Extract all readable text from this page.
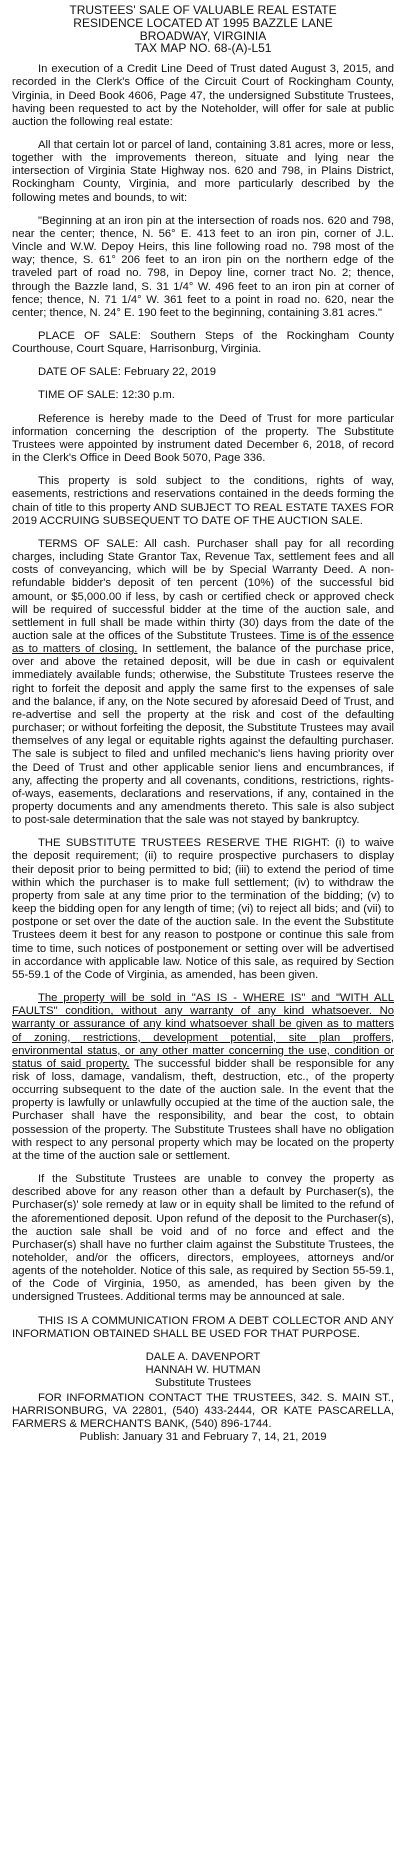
TRUSTEES' SALE OF VALUABLE REAL ESTATE
RESIDENCE LOCATED AT 1995 BAZZLE LANE
BROADWAY, VIRGINIA
TAX MAP NO. 68-(A)-L51

In execution of a Credit Line Deed of Trust dated August 3, 2015, and recorded in the Clerk's Office of the Circuit Court of Rockingham County, Virginia, in Deed Book 4606, Page 47, the undersigned Substitute Trustees, having been requested to act by the Noteholder, will offer for sale at public auction the following real estate:

All that certain lot or parcel of land, containing 3.81 acres, more or less, together with the improvements thereon, situate and lying near the intersection of Virginia State Highway nos. 620 and 798, in Plains District, Rockingham County, Virginia, and more particularly described by the following metes and bounds, to wit:

"Beginning at an iron pin at the intersection of roads nos. 620 and 798, near the center; thence, N. 56° E. 413 feet to an iron pin, corner of J.L. Vincle and W.W. Depoy Heirs, this line following road no. 798 most of the way; thence, S. 61° 206 feet to an iron pin on the northern edge of the traveled part of road no. 798, in Depoy line, corner tract No. 2; thence, through the Bazzle land, S. 31 1/4° W. 496 feet to an iron pin at corner of fence; thence, N. 71 1/4° W. 361 feet to a point in road no. 620, near the center; thence, N. 24° E. 190 feet to the beginning, containing 3.81 acres."

PLACE OF SALE: Southern Steps of the Rockingham County Courthouse, Court Square, Harrisonburg, Virginia.

DATE OF SALE: February 22, 2019

TIME OF SALE: 12:30 p.m.

Reference is hereby made to the Deed of Trust for more particular information concerning the description of the property. The Substitute Trustees were appointed by instrument dated December 6, 2018, of record in the Clerk's Office in Deed Book 5070, Page 336.

This property is sold subject to the conditions, rights of way, easements, restrictions and reservations contained in the deeds forming the chain of title to this property AND SUBJECT TO REAL ESTATE TAXES FOR 2019 ACCRUING SUBSEQUENT TO DATE OF THE AUCTION SALE.

TERMS OF SALE: All cash. Purchaser shall pay for all recording charges, including State Grantor Tax, Revenue Tax, settlement fees and all costs of conveyancing, which will be by Special Warranty Deed. A non-refundable bidder's deposit of ten percent (10%) of the successful bid amount, or $5,000.00 if less, by cash or certified check or approved check will be required of successful bidder at the time of the auction sale, and settlement in full shall be made within thirty (30) days from the date of the auction sale at the offices of the Substitute Trustees. Time is of the essence as to matters of closing. In settlement, the balance of the purchase price, over and above the retained deposit, will be due in cash or equivalent immediately available funds; otherwise, the Substitute Trustees reserve the right to forfeit the deposit and apply the same first to the expenses of sale and the balance, if any, on the Note secured by aforesaid Deed of Trust, and re-advertise and sell the property at the risk and cost of the defaulting purchaser; or without forfeiting the deposit, the Substitute Trustees may avail themselves of any legal or equitable rights against the defaulting purchaser. The sale is subject to filed and unfiled mechanic's liens having priority over the Deed of Trust and other applicable senior liens and encumbrances, if any, affecting the property and all covenants, conditions, restrictions, rights-of-ways, easements, declarations and reservations, if any, contained in the property documents and any amendments thereto. This sale is also subject to post-sale determination that the sale was not stayed by bankruptcy.

THE SUBSTITUTE TRUSTEES RESERVE THE RIGHT: (i) to waive the deposit requirement; (ii) to require prospective purchasers to display their deposit prior to being permitted to bid; (iii) to extend the period of time within which the purchaser is to make full settlement; (iv) to withdraw the property from sale at any time prior to the termination of the bidding; (v) to keep the bidding open for any length of time; (vi) to reject all bids; and (vii) to postpone or set over the date of the auction sale. In the event the Substitute Trustees deem it best for any reason to postpone or continue this sale from time to time, such notices of postponement or setting over will be advertised in accordance with applicable law. Notice of this sale, as required by Section 55-59.1 of the Code of Virginia, as amended, has been given.

The property will be sold in "AS IS - WHERE IS" and "WITH ALL FAULTS" condition, without any warranty of any kind whatsoever. No warranty or assurance of any kind whatsoever shall be given as to matters of zoning, restrictions, development potential, site plan proffers, environmental status, or any other matter concerning the use, condition or status of said property. The successful bidder shall be responsible for any risk of loss, damage, vandalism, theft, destruction, etc., of the property occurring subsequent to the date of the auction sale. In the event that the property is lawfully or unlawfully occupied at the time of the auction sale, the Purchaser shall have the responsibility, and bear the cost, to obtain possession of the property. The Substitute Trustees shall have no obligation with respect to any personal property which may be located on the property at the time of the auction sale or settlement.

If the Substitute Trustees are unable to convey the property as described above for any reason other than a default by Purchaser(s), the Purchaser(s)' sole remedy at law or in equity shall be limited to the refund of the aforementioned deposit. Upon refund of the deposit to the Purchaser(s), the auction sale shall be void and of no force and effect and the Purchaser(s) shall have no further claim against the Substitute Trustees, the noteholder, and/or the officers, directors, employees, attorneys and/or agents of the noteholder. Notice of this sale, as required by Section 55-59.1, of the Code of Virginia, 1950, as amended, has been given by the undersigned Trustees. Additional terms may be announced at sale.

THIS IS A COMMUNICATION FROM A DEBT COLLECTOR AND ANY INFORMATION OBTAINED SHALL BE USED FOR THAT PURPOSE.

DALE A. DAVENPORT
HANNAH W. HUTMAN
Substitute Trustees

FOR INFORMATION CONTACT THE TRUSTEES, 342. S. MAIN ST., HARRISONBURG, VA 22801, (540) 433-2444, OR KATE PASCARELLA, FARMERS & MERCHANTS BANK, (540) 896-1744.

Publish: January 31 and February 7, 14, 21, 2019
